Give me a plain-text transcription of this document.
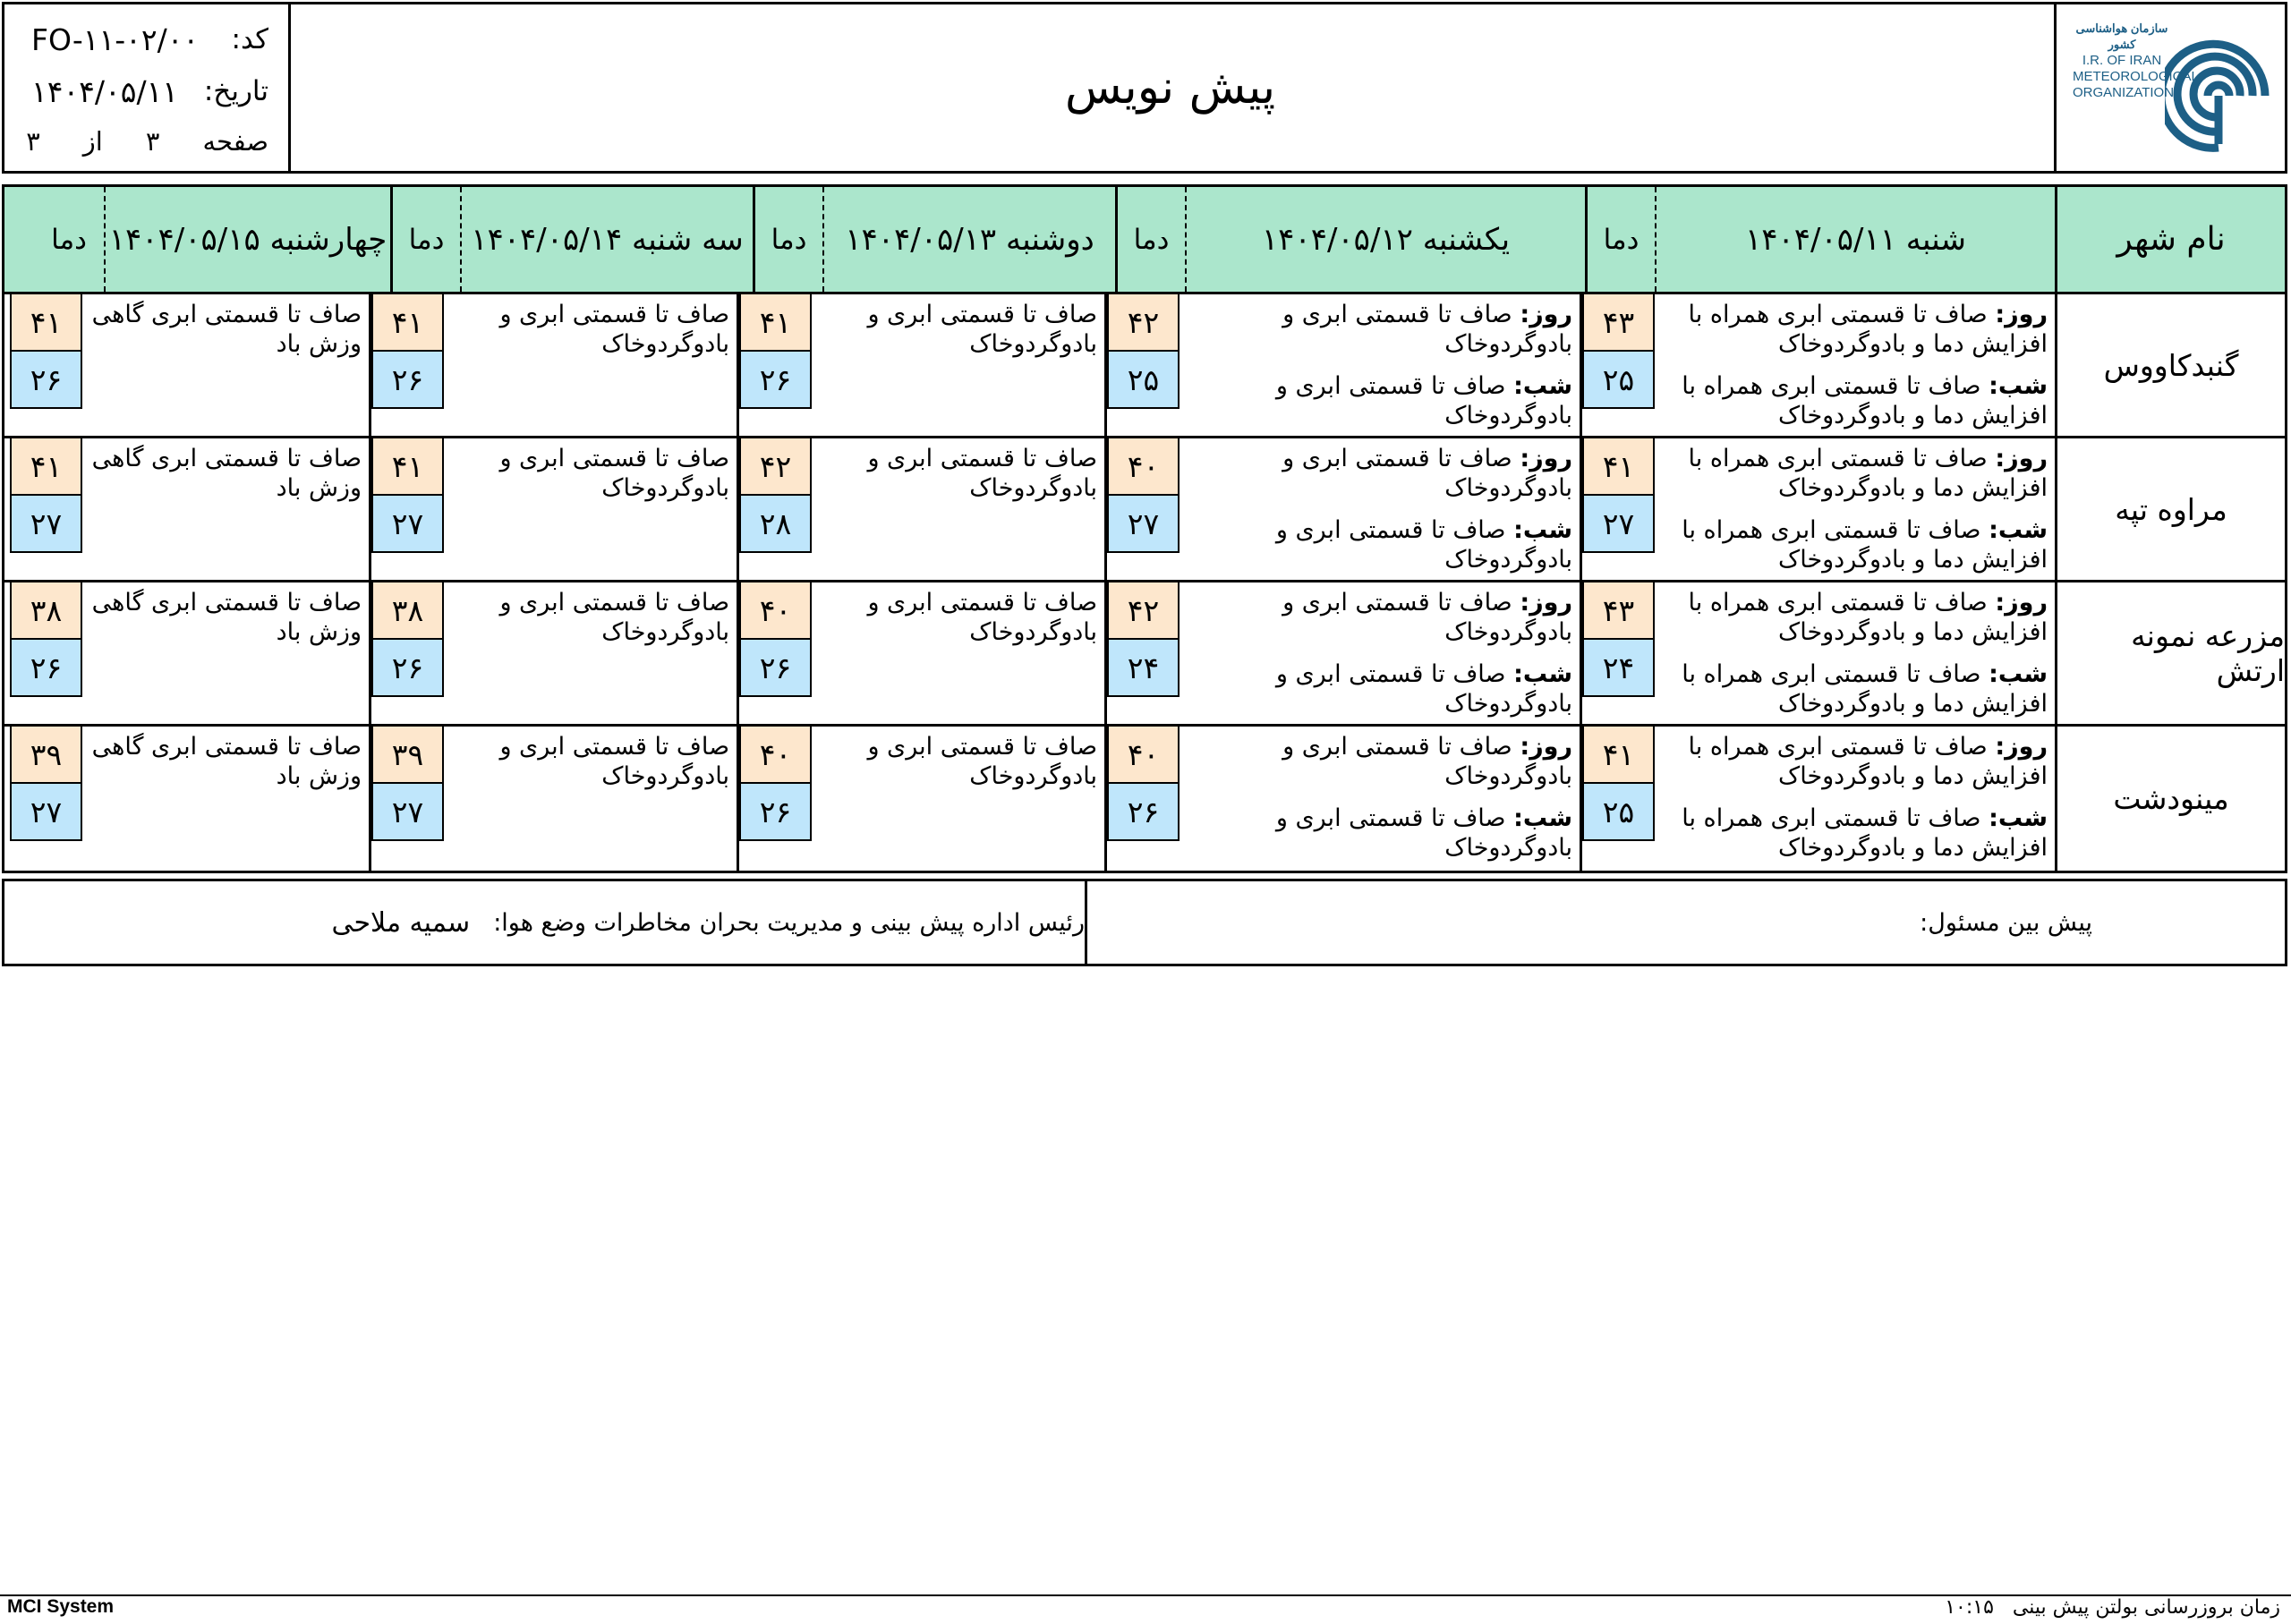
FO-۱۱-۰۲/۰۰ کد:
۱۴۰۴/۰۵/۱۱ تاریخ:
صفحه
۳
از
۳
پیش نویس
سازمان هواشناسی کشور
I.R. OF IRAN
METEOROLOGICAL
ORGANIZATION
نام شهر
شنبه ۱۴۰۴/۰۵/۱۱
دما
یکشنبه ۱۴۰۴/۰۵/۱۲
دما
دوشنبه ۱۴۰۴/۰۵/۱۳
دما
سه شنبه ۱۴۰۴/۰۵/۱۴
دما
چهارشنبه ۱۴۰۴/۰۵/۱۵
دما
گنبدکاووس
روز: صاف تا قسمتی ابری همراه با افزایش دما و بادوگردوخاک
شب: صاف تا قسمتی ابری همراه با افزایش دما و بادوگردوخاک
۴۳
۲۵
روز: صاف تا قسمتی ابری و بادوگردوخاک
شب: صاف تا قسمتی ابری و بادوگردوخاک
۴۲
۲۵
صاف تا قسمتی ابری و بادوگردوخاک
۴۱
۲۶
صاف تا قسمتی ابری و بادوگردوخاک
۴۱
۲۶
صاف تا قسمتی ابری گاهی وزش باد
۴۱
۲۶
مراوه تپه
روز: صاف تا قسمتی ابری همراه با افزایش دما و بادوگردوخاک
شب: صاف تا قسمتی ابری همراه با افزایش دما و بادوگردوخاک
۴۱
۲۷
روز: صاف تا قسمتی ابری و بادوگردوخاک
شب: صاف تا قسمتی ابری و بادوگردوخاک
۴۰
۲۷
صاف تا قسمتی ابری و بادوگردوخاک
۴۲
۲۸
صاف تا قسمتی ابری و بادوگردوخاک
۴۱
۲۷
صاف تا قسمتی ابری گاهی وزش باد
۴۱
۲۷
مزرعه نمونه ارتش
روز: صاف تا قسمتی ابری همراه با افزایش دما و بادوگردوخاک
شب: صاف تا قسمتی ابری همراه با افزایش دما و بادوگردوخاک
۴۳
۲۴
روز: صاف تا قسمتی ابری و بادوگردوخاک
شب: صاف تا قسمتی ابری و بادوگردوخاک
۴۲
۲۴
صاف تا قسمتی ابری و بادوگردوخاک
۴۰
۲۶
صاف تا قسمتی ابری و بادوگردوخاک
۳۸
۲۶
صاف تا قسمتی ابری گاهی وزش باد
۳۸
۲۶
مینودشت
روز: صاف تا قسمتی ابری همراه با افزایش دما و بادوگردوخاک
شب: صاف تا قسمتی ابری همراه با افزایش دما و بادوگردوخاک
۴۱
۲۵
روز: صاف تا قسمتی ابری و بادوگردوخاک
شب: صاف تا قسمتی ابری و بادوگردوخاک
۴۰
۲۶
صاف تا قسمتی ابری و بادوگردوخاک
۴۰
۲۶
صاف تا قسمتی ابری و بادوگردوخاک
۳۹
۲۷
صاف تا قسمتی ابری گاهی وزش باد
۳۹
۲۷
رئیس اداره پیش بینی و مدیریت بحران مخاطرات وضع هوا:
سمیه ملاحی	پیش بین مسئول:
MCI System	زمان بروزرسانی بولتن پیش بینی ۱۰:۱۵
